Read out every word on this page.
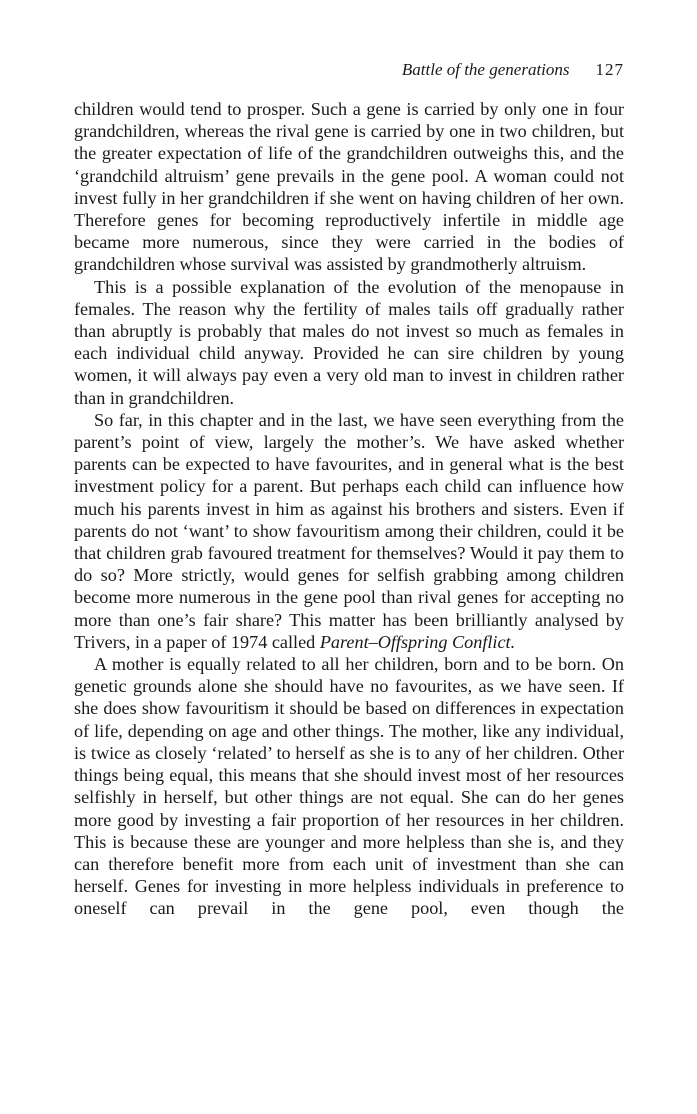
Battle of the generations 127

children would tend to prosper. Such a gene is carried by only one in four grandchildren, whereas the rival gene is carried by one in two children, but the greater expectation of life of the grandchildren outweighs this, and the ‘grandchild altruism’ gene prevails in the gene pool. A woman could not invest fully in her grandchildren if she went on having children of her own. Therefore genes for becoming reproductively infertile in middle age became more numerous, since they were carried in the bodies of grandchildren whose survival was assisted by grandmotherly altruism.

This is a possible explanation of the evolution of the menopause in females. The reason why the fertility of males tails off gradually rather than abruptly is probably that males do not invest so much as females in each individual child anyway. Provided he can sire children by young women, it will always pay even a very old man to invest in children rather than in grandchildren.

So far, in this chapter and in the last, we have seen everything from the parent’s point of view, largely the mother’s. We have asked whether parents can be expected to have favourites, and in general what is the best investment policy for a parent. But perhaps each child can influence how much his parents invest in him as against his brothers and sisters. Even if parents do not ‘want’ to show favouritism among their children, could it be that children grab favoured treatment for themselves? Would it pay them to do so? More strictly, would genes for selfish grabbing among children become more numerous in the gene pool than rival genes for accepting no more than one’s fair share? This matter has been brilliantly analysed by Trivers, in a paper of 1974 called Parent–Offspring Conflict.

A mother is equally related to all her children, born and to be born. On genetic grounds alone she should have no favourites, as we have seen. If she does show favouritism it should be based on differences in expectation of life, depending on age and other things. The mother, like any individual, is twice as closely ‘related’ to herself as she is to any of her children. Other things being equal, this means that she should invest most of her resources selfishly in herself, but other things are not equal. She can do her genes more good by investing a fair proportion of her resources in her children. This is because these are younger and more helpless than she is, and they can therefore benefit more from each unit of investment than she can herself. Genes for investing in more helpless individuals in preference to oneself can prevail in the gene pool, even though the
